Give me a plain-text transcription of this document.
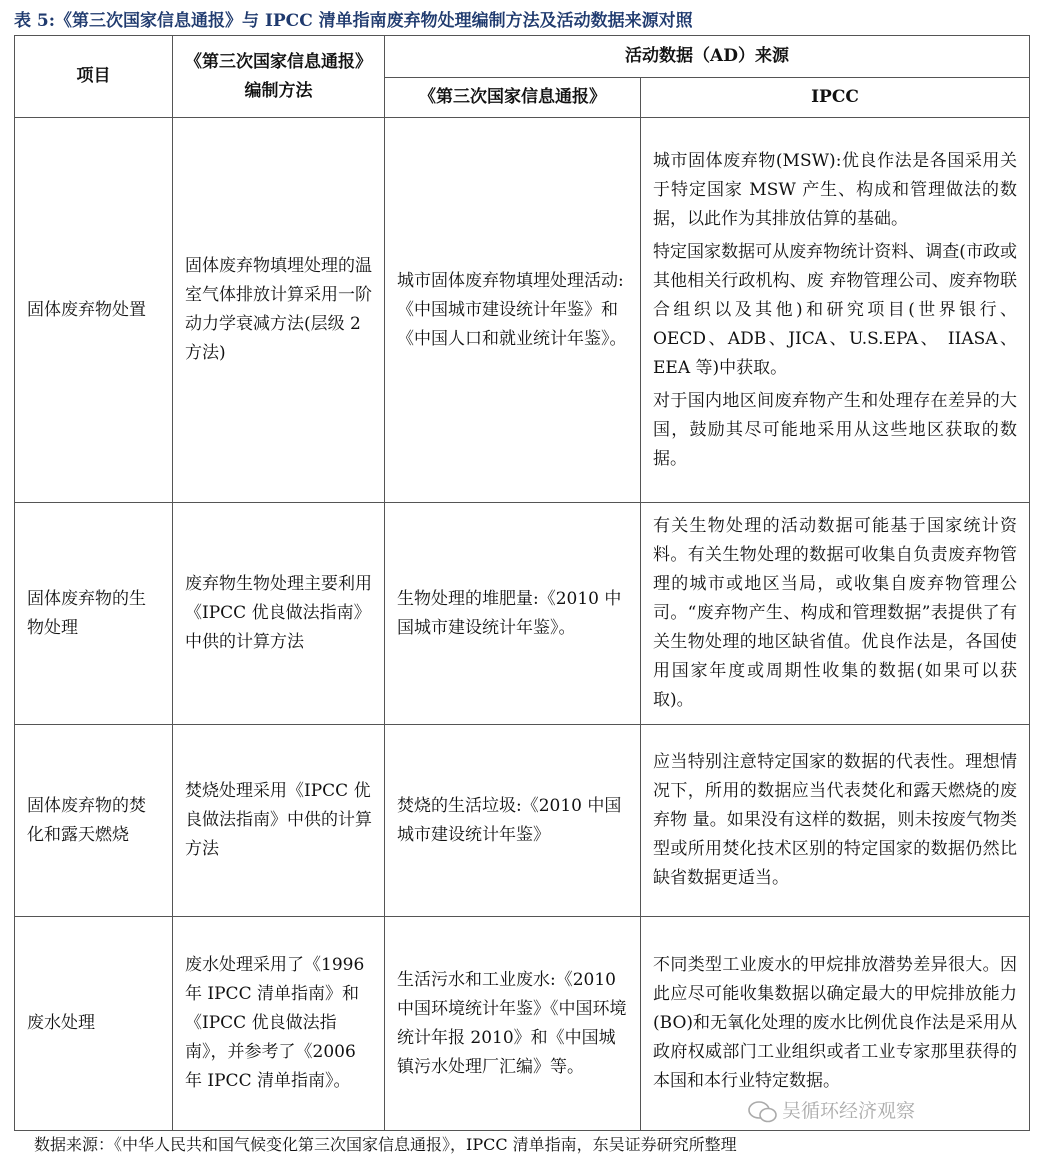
表 5:《第三次国家信息通报》与 IPCC 清单指南废弃物处理编制方法及活动数据来源对照
项目	《第三次国家信息通报》编制方法	活动数据（AD）来源	
		《第三次国家信息通报》	IPCC
固体废弃物处置	固体废弃物填埋处理的温室气体排放计算采用一阶动力学衰减方法(层级 2 方法)	城市固体废弃物填埋处理活动:《中国城市建设统计年鉴》和《中国人口和就业统计年鉴》。	城市固体废弃物(MSW):优良作法是各国采用关于特定国家 MSW 产生、构成和管理做法的数据，以此作为其排放估算的基础。

特定国家数据可从废弃物统计资料、调查(市政或其他相关行政机构、废 弃物管理公司、废弃物联合组织以及其他)和研究项目(世界银行、OECD、ADB、JICA、U.S.EPA、 IIASA、EEA 等)中获取。

对于国内地区间废弃物产生和处理存在差异的大国，鼓励其尽可能地采用从这些地区获取的数据。

固体废弃物的生物处理	废弃物生物处理主要利用《IPCC 优良做法指南》中供的计算方法	生物处理的堆肥量:《2010 中国城市建设统计年鉴》。	有关生物处理的活动数据可能基于国家统计资料。有关生物处理的数据可收集自负责废弃物管理的城市或地区当局，或收集自废弃物管理公司。“废弃物产生、构成和管理数据”表提供了有关生物处理的地区缺省值。优良作法是，各国使用国家年度或周期性收集的数据(如果可以获取)。

固体废弃物的焚化和露天燃烧	焚烧处理采用《IPCC 优良做法指南》中供的计算方法	焚烧的生活垃圾:《2010 中国城市建设统计年鉴》	应当特别注意特定国家的数据的代表性。理想情况下，所用的数据应当代表焚化和露天燃烧的废弃物 量。如果没有这样的数据，则未按废气物类型或所用焚化技术区别的特定国家的数据仍然比缺省数据更适当。

废水处理	废水处理采用了《1996 年 IPCC 清单指南》和《IPCC 优良做法指南》，并参考了《2006 年 IPCC 清单指南》。	生活污水和工业废水:《2010 中国环境统计年鉴》《中国环境统计年报 2010》和《中国城镇污水处理厂汇编》等。	不同类型工业废水的甲烷排放潜势差异很大。因此应尽可能收集数据以确定最大的甲烷排放能力(BO)和无氧化处理的废水比例优良作法是采用从政府权威部门工业组织或者工业专家那里获得的本国和本行业特定数据。

吴循环经济观察
数据来源：《中华人民共和国气候变化第三次国家信息通报》，IPCC 清单指南，东吴证券研究所整理
